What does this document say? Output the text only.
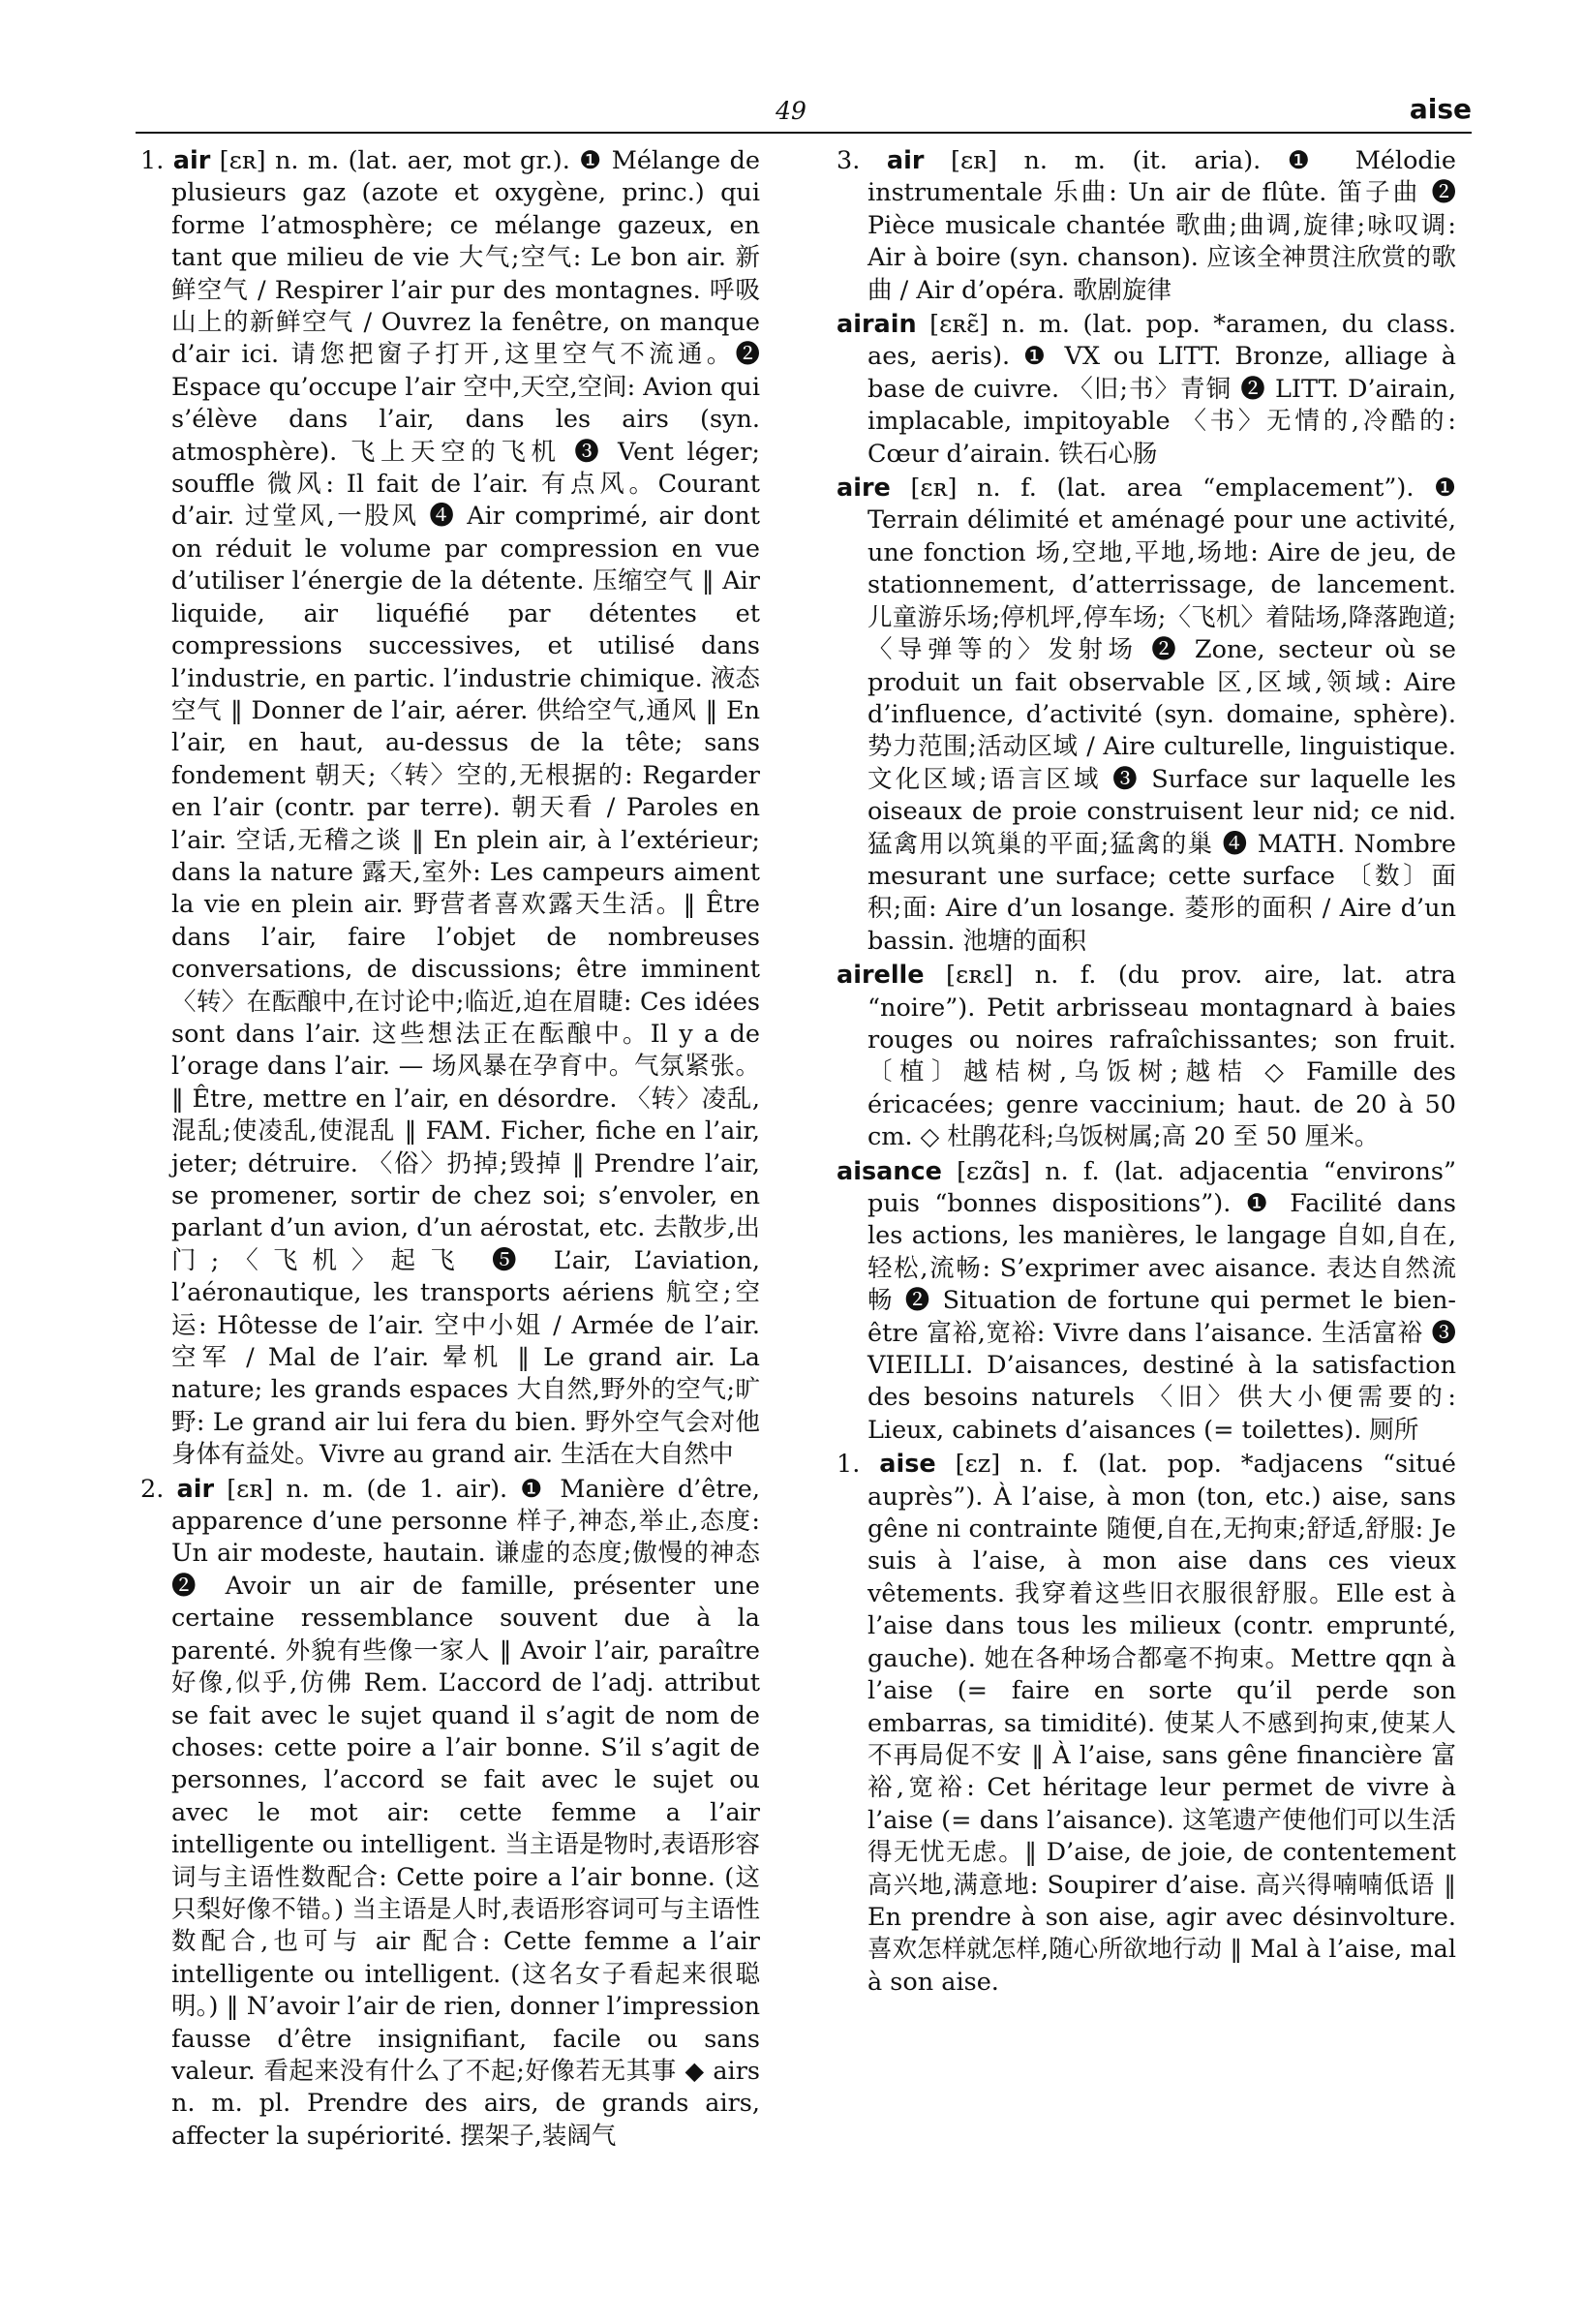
49	aise

1. air [ɛʀ] n. m. (lat. aer, mot gr.). ❶ Mélange de plusieurs gaz (azote et oxygène, princ.) qui forme l’atmosphère; ce mélange gazeux, en tant que milieu de vie 大气;空气: Le bon air. 新鲜空气 / Respirer l’air pur des montagnes. 呼吸山上的新鲜空气 / Ouvrez la fenêtre, on manque d’air ici. 请您把窗子打开,这里空气不流通。❷ Espace qu’occupe l’air 空中,天空,空间: Avion qui s’élève dans l’air, dans les airs (syn. atmosphère). 飞上天空的飞机 ❸ Vent léger; souffle 微风: Il fait de l’air. 有点风。Courant d’air. 过堂风,一股风 ❹ Air comprimé, air dont on réduit le volume par compression en vue d’utiliser l’énergie de la détente. 压缩空气 ‖ Air liquide, air liquéfié par détentes et compressions successives, et utilisé dans l’industrie, en partic. l’industrie chimique. 液态空气 ‖ Donner de l’air, aérer. 供给空气,通风 ‖ En l’air, en haut, au-dessus de la tête; sans fondement 朝天;〈转〉空的,无根据的: Regarder en l’air (contr. par terre). 朝天看 / Paroles en l’air. 空话,无稽之谈 ‖ En plein air, à l’extérieur; dans la nature 露天,室外: Les campeurs aiment la vie en plein air. 野营者喜欢露天生活。‖ Être dans l’air, faire l’objet de nombreuses conversations, de discussions; être imminent 〈转〉在酝酿中,在讨论中;临近,迫在眉睫: Ces idées sont dans l’air. 这些想法正在酝酿中。Il y a de l’orage dans l’air. — 场风暴在孕育中。气氛紧张。‖ Être, mettre en l’air, en désordre. 〈转〉凌乱,混乱;使凌乱,使混乱 ‖ FAM. Ficher, fiche en l’air, jeter; détruire. 〈俗〉扔掉;毁掉 ‖ Prendre l’air, se promener, sortir de chez soi; s’envoler, en parlant d’un avion, d’un aérostat, etc. 去散步,出门;〈飞机〉起飞 ❺ L’air, L’aviation, l’aéronautique, les transports aériens 航空;空运: Hôtesse de l’air. 空中小姐 / Armée de l’air. 空军 / Mal de l’air. 晕机 ‖ Le grand air. La nature; les grands espaces 大自然,野外的空气;旷野: Le grand air lui fera du bien. 野外空气会对他身体有益处。Vivre au grand air. 生活在大自然中

2. air [ɛʀ] n. m. (de 1. air). ❶ Manière d’être, apparence d’une personne 样子,神态,举止,态度: Un air modeste, hautain. 谦虚的态度;傲慢的神态 ❷ Avoir un air de famille, présenter une certaine ressemblance souvent due à la parenté. 外貌有些像一家人 ‖ Avoir l’air, paraître 好像,似乎,仿佛 Rem. L’accord de l’adj. attribut se fait avec le sujet quand il s’agit de nom de choses: cette poire a l’air bonne. S’il s’agit de personnes, l’accord se fait avec le sujet ou avec le mot air: cette femme a l’air intelligente ou intelligent. 当主语是物时,表语形容词与主语性数配合: Cette poire a l’air bonne. (这只梨好像不错。) 当主语是人时,表语形容词可与主语性数配合,也可与 air 配合: Cette femme a l’air intelligente ou intelligent. (这名女子看起来很聪明。) ‖ N’avoir l’air de rien, donner l’impression fausse d’être insignifiant, facile ou sans valeur. 看起来没有什么了不起;好像若无其事 ◆ airs n. m. pl. Prendre des airs, de grands airs, affecter la supériorité. 摆架子,装阔气

3. air [ɛʀ] n. m. (it. aria). ❶ Mélodie instrumentale 乐曲: Un air de flûte. 笛子曲 ❷ Pièce musicale chantée 歌曲;曲调,旋律;咏叹调: Air à boire (syn. chanson). 应该全神贯注欣赏的歌曲 / Air d’opéra. 歌剧旋律

airain [ɛʀɛ̃] n. m. (lat. pop. *aramen, du class. aes, aeris). ❶ VX ou LITT. Bronze, alliage à base de cuivre. 〈旧;书〉青铜 ❷ LITT. D’airain, implacable, impitoyable 〈书〉无情的,冷酷的: Cœur d’airain. 铁石心肠

aire [ɛʀ] n. f. (lat. area “emplacement”). ❶ Terrain délimité et aménagé pour une activité, une fonction 场,空地,平地,场地: Aire de jeu, de stationnement, d’atterrissage, de lancement. 儿童游乐场;停机坪,停车场;〈飞机〉着陆场,降落跑道;〈导弹等的〉发射场 ❷ Zone, secteur où se produit un fait observable 区,区域,领域: Aire d’influence, d’activité (syn. domaine, sphère). 势力范围;活动区域 / Aire culturelle, linguistique. 文化区域;语言区域 ❸ Surface sur laquelle les oiseaux de proie construisent leur nid; ce nid. 猛禽用以筑巢的平面;猛禽的巢 ❹ MATH. Nombre mesurant une surface; cette surface 〔数〕面积;面: Aire d’un losange. 菱形的面积 / Aire d’un bassin. 池塘的面积

airelle [ɛʀɛl] n. f. (du prov. aire, lat. atra “noire”). Petit arbrisseau montagnard à baies rouges ou noires rafraîchissantes; son fruit. 〔植〕越桔树,乌饭树;越桔 ◇ Famille des éricacées; genre vaccinium; haut. de 20 à 50 cm. ◇ 杜鹃花科;乌饭树属;高 20 至 50 厘米。

aisance [ɛzɑ̃s] n. f. (lat. adjacentia “environs” puis “bonnes dispositions”). ❶ Facilité dans les actions, les manières, le langage 自如,自在,轻松,流畅: S’exprimer avec aisance. 表达自然流畅 ❷ Situation de fortune qui permet le bien-être 富裕,宽裕: Vivre dans l’aisance. 生活富裕 ❸ VIEILLI. D’aisances, destiné à la satisfaction des besoins naturels 〈旧〉供大小便需要的: Lieux, cabinets d’aisances (= toilettes). 厕所

1. aise [ɛz] n. f. (lat. pop. *adjacens “situé auprès”). À l’aise, à mon (ton, etc.) aise, sans gêne ni contrainte 随便,自在,无拘束;舒适,舒服: Je suis à l’aise, à mon aise dans ces vieux vêtements. 我穿着这些旧衣服很舒服。Elle est à l’aise dans tous les milieux (contr. emprunté, gauche). 她在各种场合都毫不拘束。Mettre qqn à l’aise (= faire en sorte qu’il perde son embarras, sa timidité). 使某人不感到拘束,使某人不再局促不安 ‖ À l’aise, sans gêne financière 富裕,宽裕: Cet héritage leur permet de vivre à l’aise (= dans l’aisance). 这笔遗产使他们可以生活得无忧无虑。‖ D’aise, de joie, de contentement 高兴地,满意地: Soupirer d’aise. 高兴得喃喃低语 ‖ En prendre à son aise, agir avec désinvolture. 喜欢怎样就怎样,随心所欲地行动 ‖ Mal à l’aise, mal à son aise.
